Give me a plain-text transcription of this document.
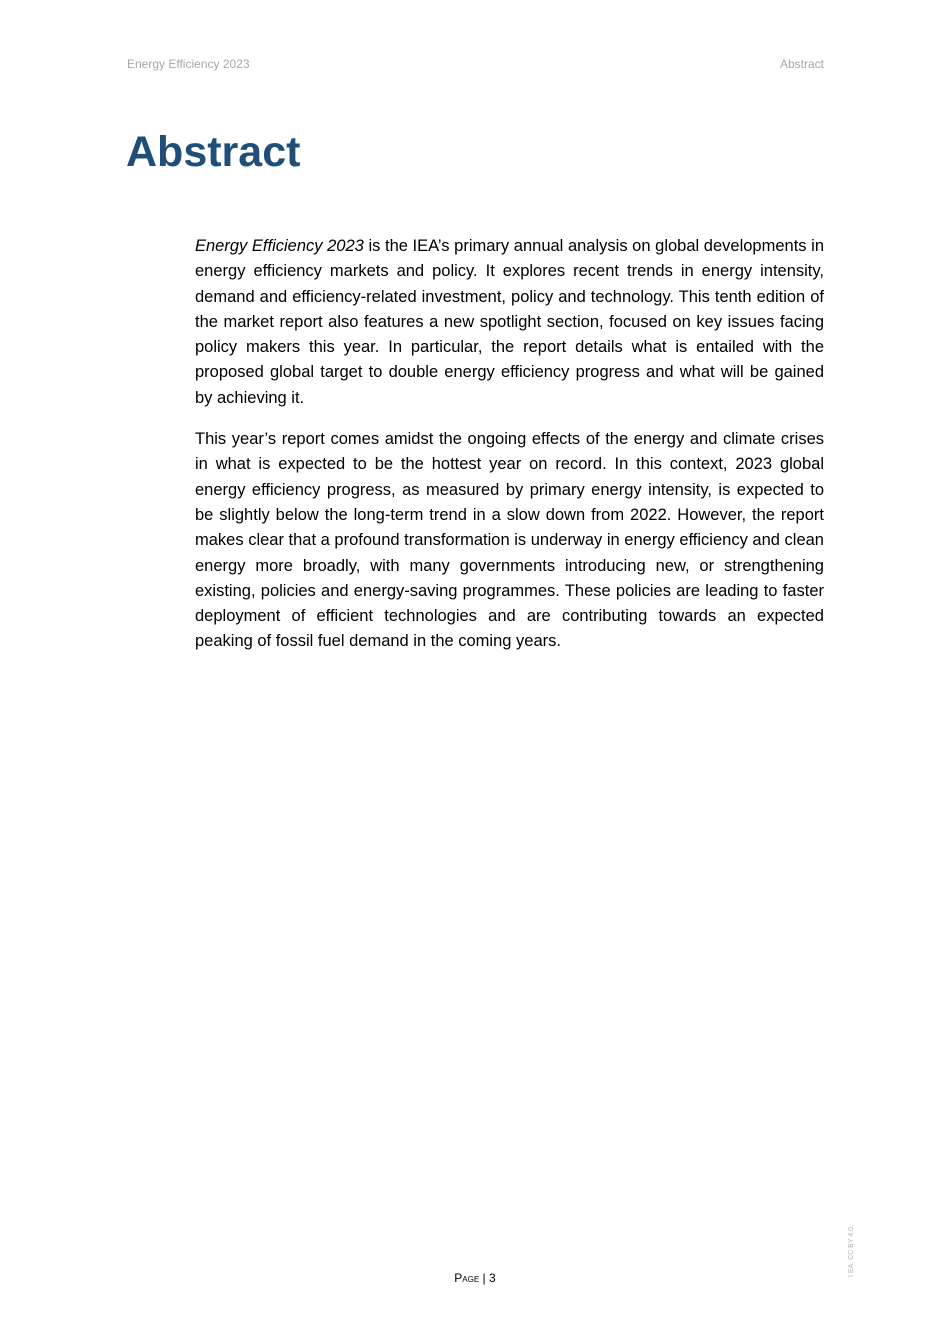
Energy Efficiency 2023	Abstract
Abstract

Energy Efficiency 2023 is the IEA’s primary annual analysis on global developments in energy efficiency markets and policy. It explores recent trends in energy intensity, demand and efficiency-related investment, policy and technology. This tenth edition of the market report also features a new spotlight section, focused on key issues facing policy makers this year. In particular, the report details what is entailed with the proposed global target to double energy efficiency progress and what will be gained by achieving it.

This year’s report comes amidst the ongoing effects of the energy and climate crises in what is expected to be the hottest year on record. In this context, 2023 global energy efficiency progress, as measured by primary energy intensity, is expected to be slightly below the long-term trend in a slow down from 2022. However, the report makes clear that a profound transformation is underway in energy efficiency and clean energy more broadly, with many governments introducing new, or strengthening existing, policies and energy-saving programmes. These policies are leading to faster deployment of efficient technologies and are contributing towards an expected peaking of fossil fuel demand in the coming years.

Page | 3
I EA. CC BY 4.0.
